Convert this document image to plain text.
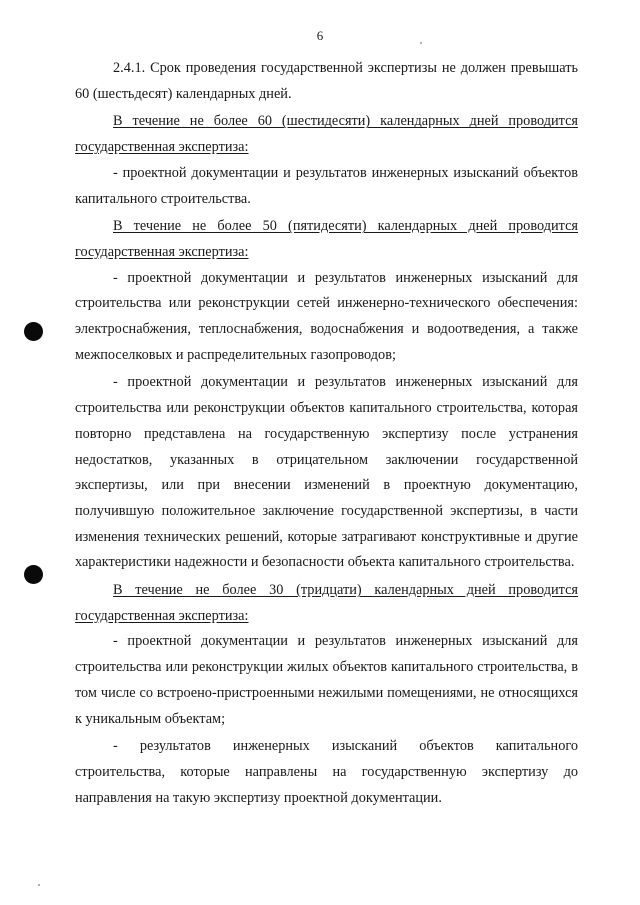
6

2.4.1. Срок проведения государственной экспертизы не должен превышать 60 (шестьдесят) календарных дней.

В течение не более 60 (шестидесяти) календарных дней проводится государственная экспертиза:

- проектной документации и результатов инженерных изысканий объектов капитального строительства.

В течение не более 50 (пятидесяти) календарных дней проводится государственная экспертиза:

- проектной документации и результатов инженерных изысканий для строительства или реконструкции сетей инженерно-технического обеспечения: электроснабжения, теплоснабжения, водоснабжения и водоотведения, а также межпоселковых и распределительных газопроводов;

- проектной документации и результатов инженерных изысканий для строительства или реконструкции объектов капитального строительства, которая повторно представлена на государственную экспертизу после устранения недостатков, указанных в отрицательном заключении государственной экспертизы, или при внесении изменений в проектную документацию, получившую положительное заключение государственной экспертизы, в части изменения технических решений, которые затрагивают конструктивные и другие характеристики надежности и безопасности объекта капитального строительства.

В течение не более 30 (тридцати) календарных дней проводится государственная экспертиза:

- проектной документации и результатов инженерных изысканий для строительства или реконструкции жилых объектов капитального строительства, в том числе со встроено-пристроенными нежилыми помещениями, не относящихся к уникальным объектам;

- результатов инженерных изысканий объектов капитального строительства, которые направлены на государственную экспертизу до направления на такую экспертизу проектной документации.
